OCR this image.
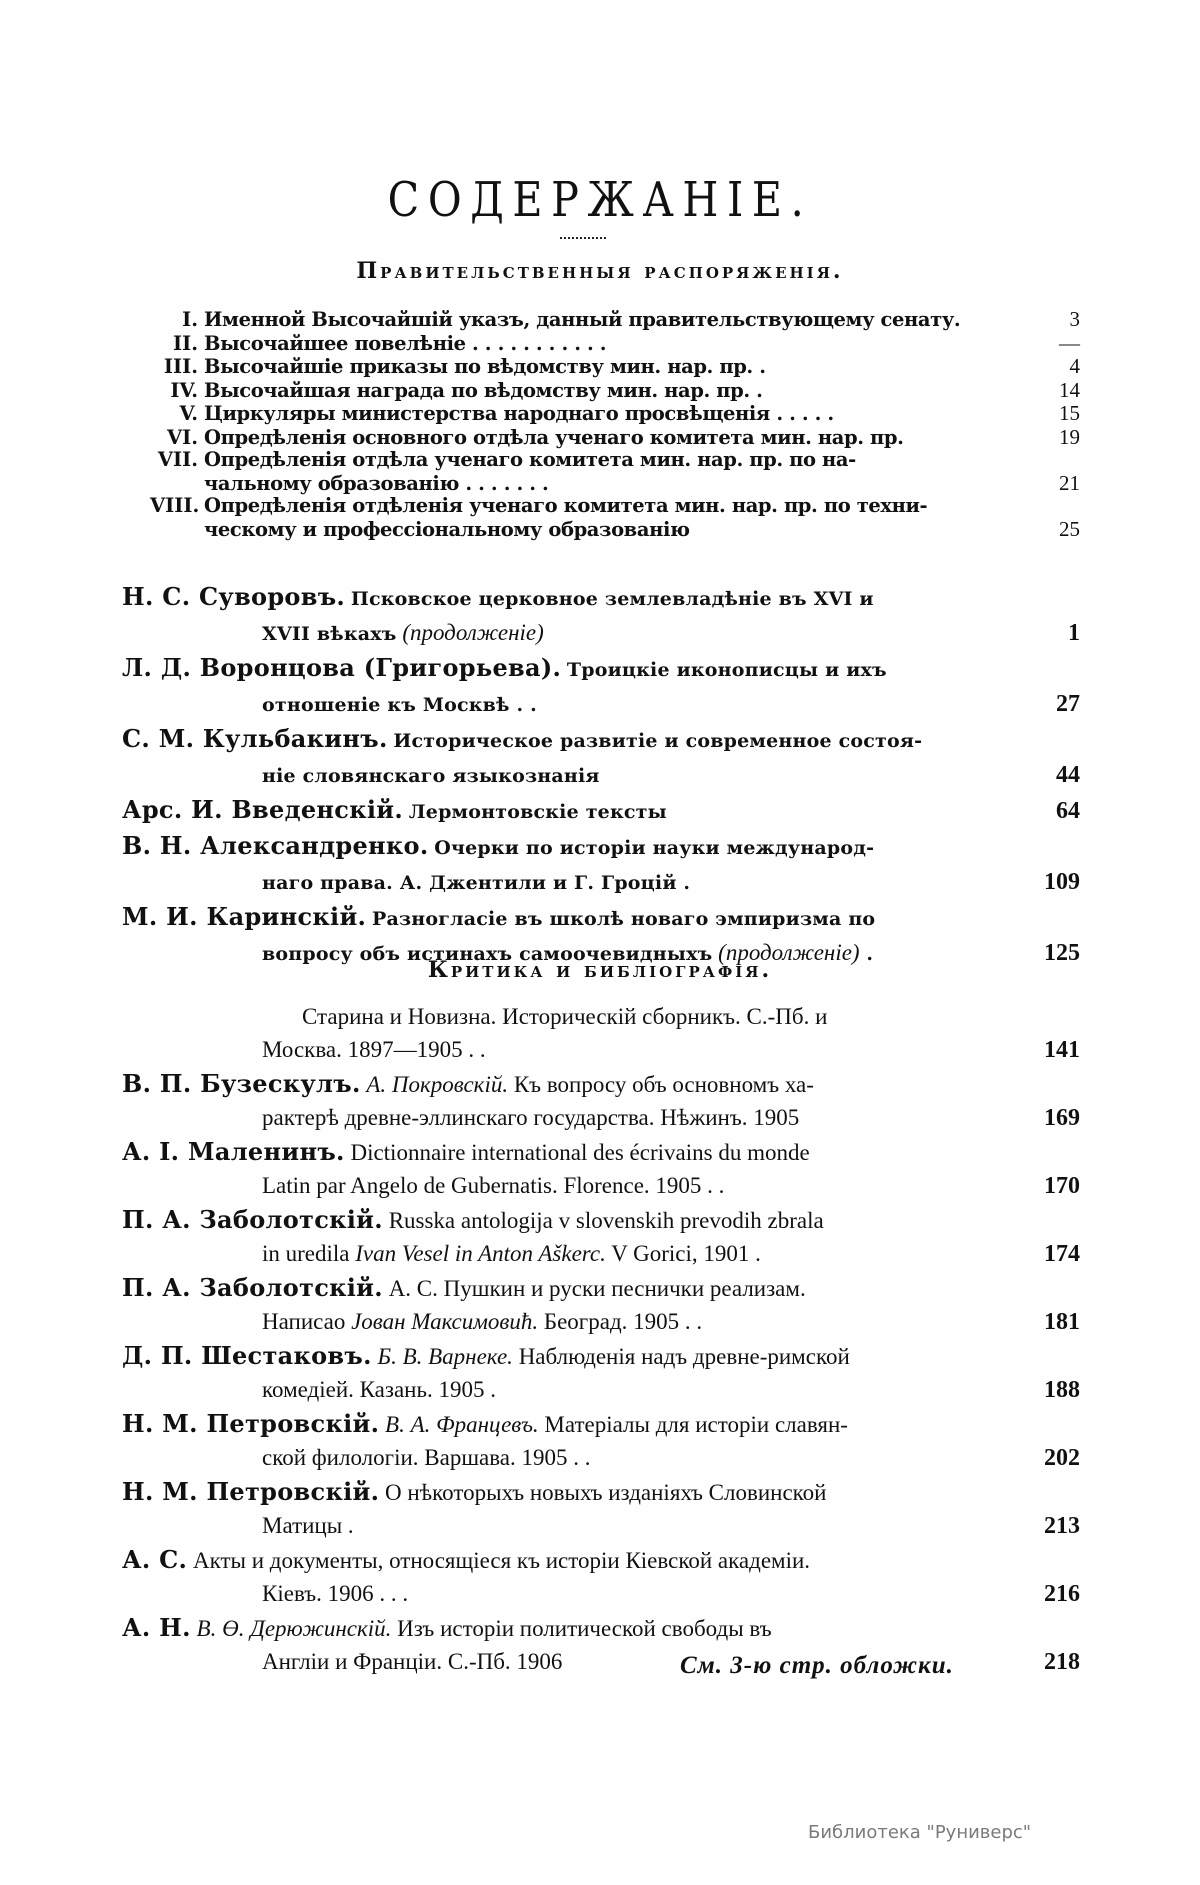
СОДЕРЖАНІЕ.
Правительственныя распоряженія.
I. Именной Высочайшій указъ, данный правительствующему сенату.	3
II. Высочайшее повелѣніе . . . . . . . . . . .	—
III. Высочайшіе приказы по вѣдомству мин. нар. пр. .	4
IV. Высочайшая награда по вѣдомству мин. нар. пр. .	14
V. Циркуляры министерства народнаго просвѣщенія . . . . .	15
VI. Опредѣленія основного отдѣла ученаго комитета мин. нар. пр.	19
VII. Опредѣленія отдѣла ученаго комитета мин. нар. пр. по на-
чальному образованію . . . . . . .	21
VIII. Опредѣленія отдѣленія ученаго комитета мин. нар. пр. по техни-
ческому и профессіональному образованію	25
Н. С. Суворовъ. Псковское церковное землевладѣніе въ XVI и
XVII вѣкахъ (продолженіе)	1
Л. Д. Воронцова (Григорьева). Троицкіе иконописцы и ихъ
отношеніе къ Москвѣ . .	27
С. М. Кульбакинъ. Историческое развитіе и современное состоя-
ніе словянскаго языкознанія	44
Арс. И. Введенскій. Лермонтовскіе тексты	64
В. Н. Александренко. Очерки по исторіи науки международ-
наго права. А. Джентили и Г. Гроцій .	109
М. И. Каринскій. Разногласіе въ школѣ новаго эмпиризма по
вопросу объ истинахъ самоочевидныхъ (продолженіе) .	125
Критика и библіографія.
Старина и Новизна. Историческій сборникъ. С.-Пб. и
Москва. 1897—1905 . .	141
В. П. Бузескулъ. А. Покровскій. Къ вопросу объ основномъ ха-
рактерѣ древне-эллинскаго государства. Нѣжинъ. 1905	169
А. I. Маленинъ. Dictionnaire international des écrivains du monde
Latin par Angelo de Gubernatis. Florence. 1905 . .	170
П. А. Заболотскій. Russka antologija v slovenskih prevodih zbrala
in uredila Ivan Vesel in Anton Aškerc. V Gorici, 1901 .	174
П. А. Заболотскій. А. С. Пушкин и руски песнички реализам.
Написао Јован Максимовић. Београд. 1905 . .	181
Д. П. Шестаковъ. Б. В. Варнеке. Наблюденія надъ древне-римской
комедіей. Казань. 1905 .	188
Н. М. Петровскій. В. А. Францевъ. Матеріалы для исторіи славян-
ской филологіи. Варшава. 1905 . .	202
Н. М. Петровскій. О нѣкоторыхъ новыхъ изданіяхъ Словинской
Матицы .	213
А. С. Акты и документы, относящіеся къ исторіи Кіевской академіи.
Кіевъ. 1906 . . .	216
А. Н. В. Ө. Дерюжинскій. Изъ исторіи политической свободы въ
Англіи и Франціи. С.-Пб. 1906	218
См. 3-ю стр. обложки.
Библиотека "Руниверс"
